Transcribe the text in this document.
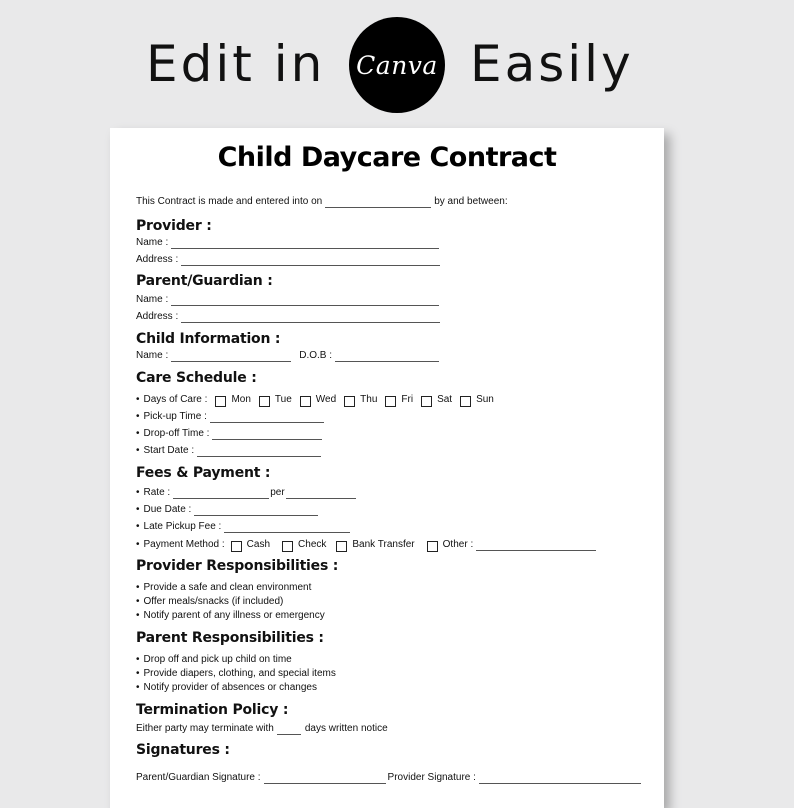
Edit in Canva Easily
Child Daycare Contract
This Contract is made and entered into on	by and between:
Provider :
Name :
Address :
Parent/Guardian :
Name :
Address :
Child Information :
Name :	D.O.B :
Care Schedule :
• Days of Care : Mon Tue Wed Thu Fri Sat Sun
• Pick-up Time :
• Drop-off Time :
• Start Date :
Fees & Payment :
• Rate :	per
• Due Date :
• Late Pickup Fee :
• Payment Method : Cash	Check	Bank Transfer	Other :
Provider Responsibilities :
• Provide a safe and clean environment
• Offer meals/snacks (if included)
• Notify parent of any illness or emergency
Parent Responsibilities :
• Drop off and pick up child on time
• Provide diapers, clothing, and special items
• Notify provider of absences or changes
Termination Policy :
Either party may terminate with	days written notice
Signatures :
Parent/Guardian Signature :	Provider Signature :
